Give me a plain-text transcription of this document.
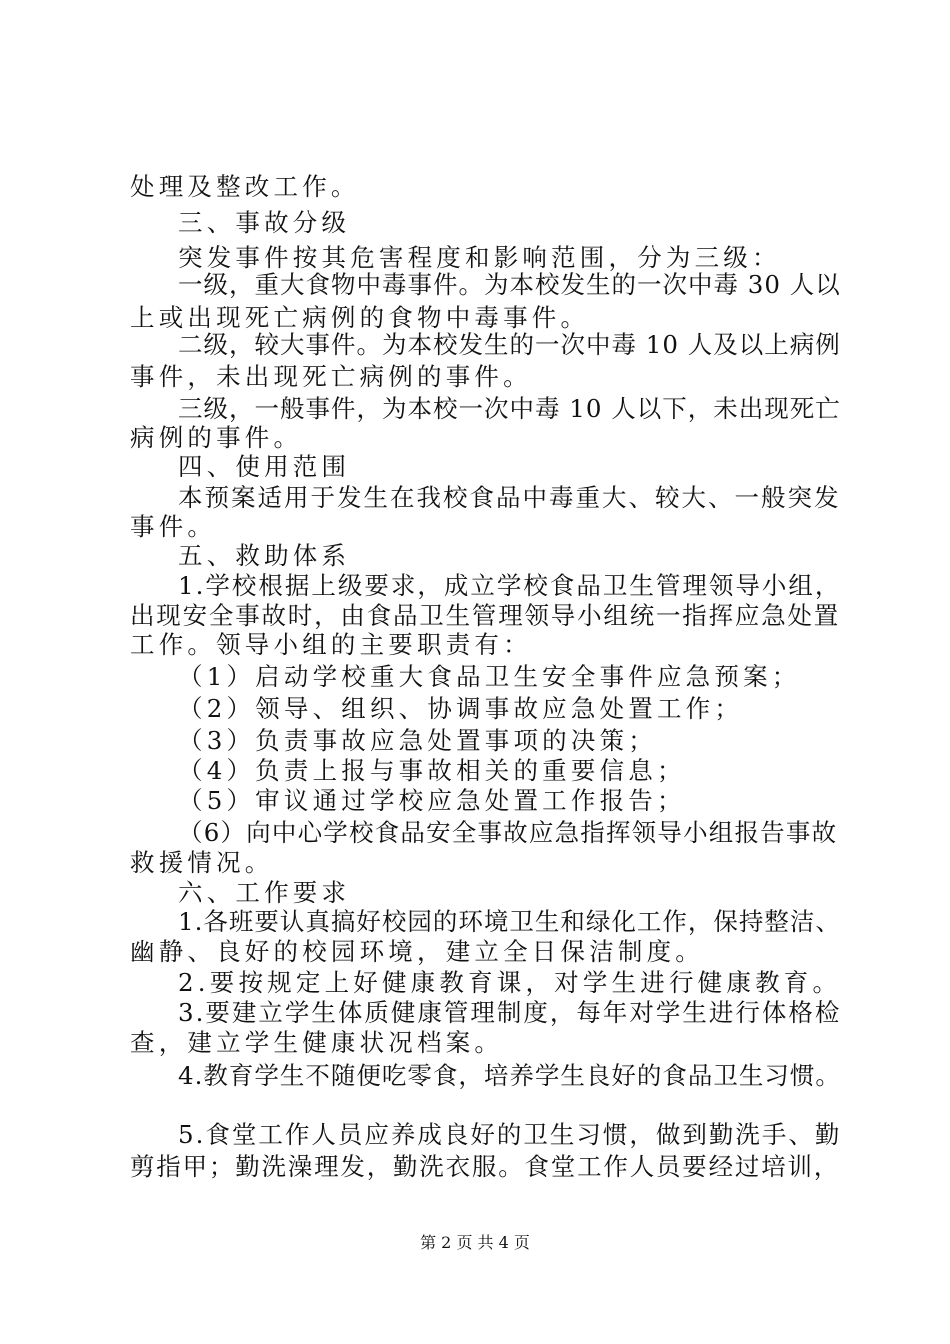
处理及整改工作。
三、事故分级
突发事件按其危害程度和影响范围，分为三级：
一级，重大食物中毒事件。为本校发生的一次中毒 30 人以
上或出现死亡病例的食物中毒事件。
二级，较大事件。为本校发生的一次中毒 10 人及以上病例
事件，未出现死亡病例的事件。
三级，一般事件，为本校一次中毒 10 人以下，未出现死亡
病例的事件。
四、使用范围
本预案适用于发生在我校食品中毒重大、较大、一般突发
事件。
五、救助体系
1.学校根据上级要求，成立学校食品卫生管理领导小组，
出现安全事故时，由食品卫生管理领导小组统一指挥应急处置
工作。领导小组的主要职责有：
（1）启动学校重大食品卫生安全事件应急预案；
（2）领导、组织、协调事故应急处置工作；
（3）负责事故应急处置事项的决策；
（4）负责上报与事故相关的重要信息；
（5）审议通过学校应急处置工作报告；
（6）向中心学校食品安全事故应急指挥领导小组报告事故
救援情况。
六、工作要求
1.各班要认真搞好校园的环境卫生和绿化工作，保持整洁、
幽静、良好的校园环境，建立全日保洁制度。
2.要按规定上好健康教育课，对学生进行健康教育。
3.要建立学生体质健康管理制度，每年对学生进行体格检
查，建立学生健康状况档案。
4.教育学生不随便吃零食，培养学生良好的食品卫生习惯。
5.食堂工作人员应养成良好的卫生习惯，做到勤洗手、勤
剪指甲；勤洗澡理发，勤洗衣服。食堂工作人员要经过培训，
第 2 页 共 4 页
